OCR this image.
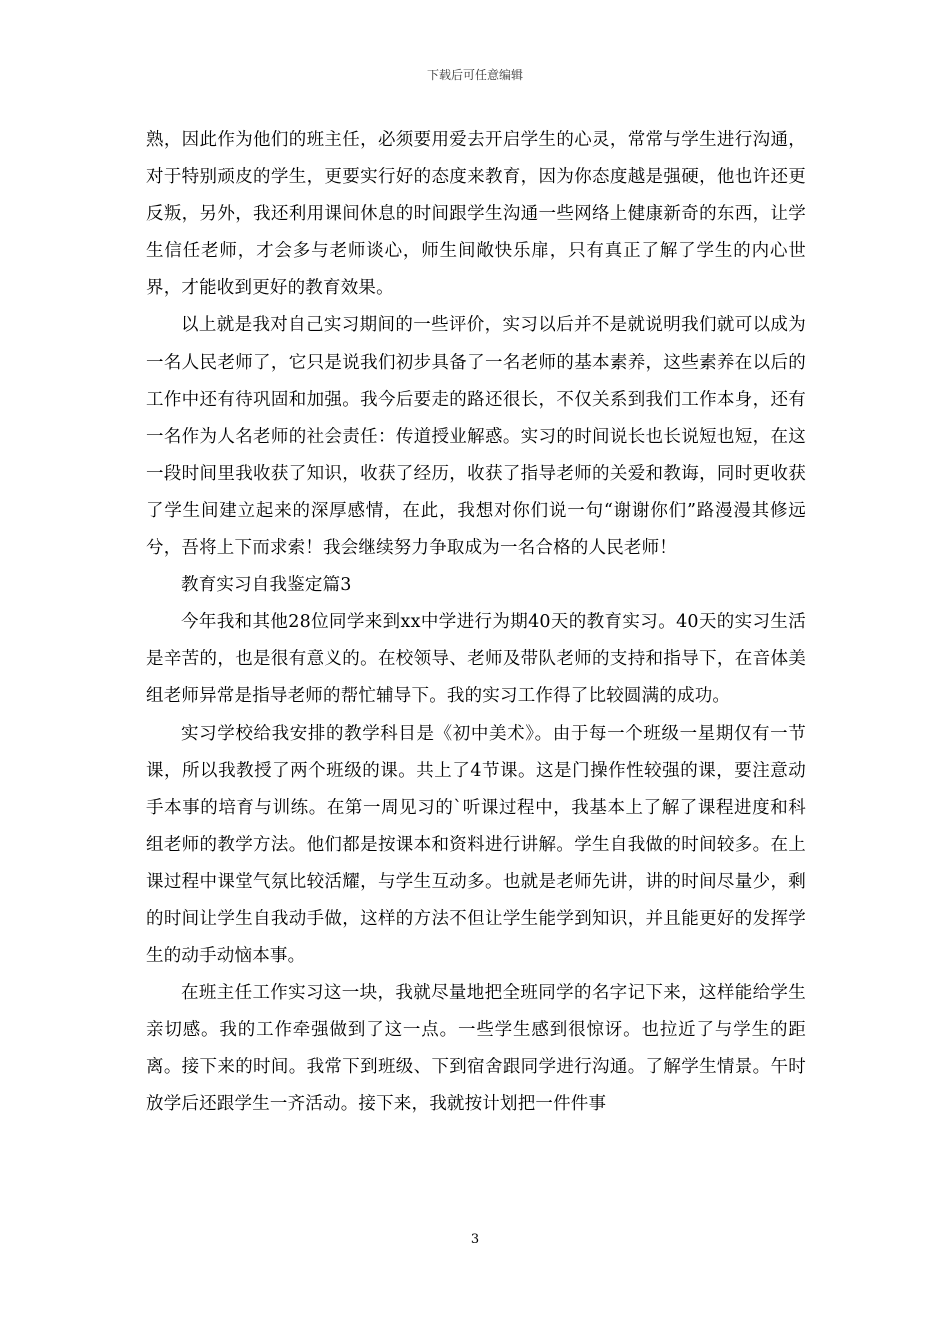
下载后可任意编辑

熟，因此作为他们的班主任，必须要用爱去开启学生的心灵，常常与学生进行沟通，对于特别顽皮的学生，更要实行好的态度来教育，因为你态度越是强硬，他也许还更反叛，另外，我还利用课间休息的时间跟学生沟通一些网络上健康新奇的东西，让学生信任老师，才会多与老师谈心，师生间敞快乐扉，只有真正了解了学生的内心世界，才能收到更好的教育效果。

以上就是我对自己实习期间的一些评价，实习以后并不是就说明我们就可以成为一名人民老师了，它只是说我们初步具备了一名老师的基本素养，这些素养在以后的工作中还有待巩固和加强。我今后要走的路还很长，不仅关系到我们工作本身，还有一名作为人名老师的社会责任：传道授业解惑。实习的时间说长也长说短也短，在这一段时间里我收获了知识，收获了经历，收获了指导老师的关爱和教诲，同时更收获了学生间建立起来的深厚感情，在此，我想对你们说一句“谢谢你们”路漫漫其修远兮，吾将上下而求索！我会继续努力争取成为一名合格的人民老师！

教育实习自我鉴定篇3

今年我和其他28位同学来到xx中学进行为期40天的教育实习。40天的实习生活是辛苦的，也是很有意义的。在校领导、老师及带队老师的支持和指导下，在音体美组老师异常是指导老师的帮忙辅导下。我的实习工作得了比较圆满的成功。

实习学校给我安排的教学科目是《初中美术》。由于每一个班级一星期仅有一节课，所以我教授了两个班级的课。共上了4节课。这是门操作性较强的课，要注意动手本事的培育与训练。在第一周见习的`听课过程中，我基本上了解了课程进度和科组老师的教学方法。他们都是按课本和资料进行讲解。学生自我做的时间较多。在上课过程中课堂气氛比较活耀，与学生互动多。也就是老师先讲，讲的时间尽量少，剩的时间让学生自我动手做，这样的方法不但让学生能学到知识，并且能更好的发挥学生的动手动恼本事。

在班主任工作实习这一块，我就尽量地把全班同学的名字记下来，这样能给学生亲切感。我的工作牵强做到了这一点。一些学生感到很惊讶。也拉近了与学生的距离。接下来的时间。我常下到班级、下到宿舍跟同学进行沟通。了解学生情景。午时放学后还跟学生一齐活动。接下来，我就按计划把一件件事

3
